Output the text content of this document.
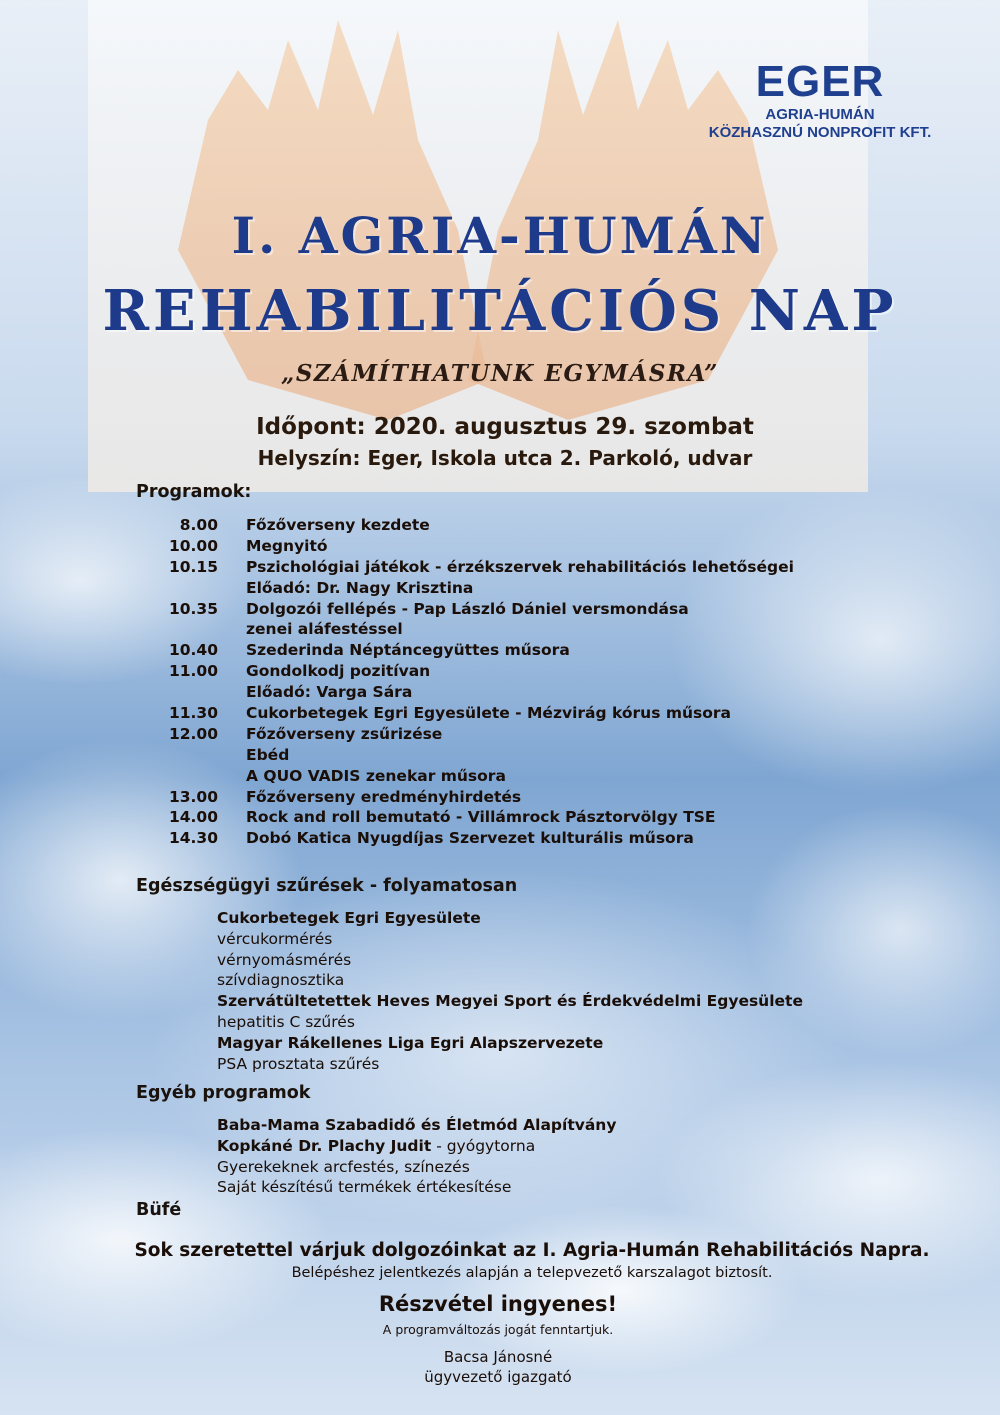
EGER
AGRIA-HUMÁN
KÖZHASZNÚ NONPROFIT KFT.
I. AGRIA-HUMÁN
REHABILITÁCIÓS NAP
„SZÁMÍTHATUNK EGYMÁSRA”
Időpont: 2020. augusztus 29. szombat
Helyszín: Eger, Iskola utca 2. Parkoló, udvar
Programok:
8.00 Főzőverseny kezdete
10.00 Megnyitó
10.15 Pszichológiai játékok - érzékszervek rehabilitációs lehetőségei
Előadó: Dr. Nagy Krisztina
10.35 Dolgozói fellépés - Pap László Dániel versmondása
zenei aláfestéssel
10.40 Szederinda Néptáncegyüttes műsora
11.00 Gondolkodj pozitívan
Előadó: Varga Sára
11.30 Cukorbetegek Egri Egyesülete - Mézvirág kórus műsora
12.00 Főzőverseny zsűrizése
Ebéd
A QUO VADIS zenekar műsora
13.00 Főzőverseny eredményhirdetés
14.00 Rock and roll bemutató - Villámrock Pásztorvölgy TSE
14.30 Dobó Katica Nyugdíjas Szervezet kulturális műsora
Egészségügyi szűrések - folyamatosan
Cukorbetegek Egri Egyesülete
vércukormérés
vérnyomásmérés
szívdiagnosztika
Szervátültetettek Heves Megyei Sport és Érdekvédelmi Egyesülete
hepatitis C szűrés
Magyar Rákellenes Liga Egri Alapszervezete
PSA prosztata szűrés
Egyéb programok
Baba-Mama Szabadidő és Életmód Alapítvány
Kopkáné Dr. Plachy Judit - gyógytorna
Gyerekeknek arcfestés, színezés
Saját készítésű termékek értékesítése
Büfé
Sok szeretettel várjuk dolgozóinkat az I. Agria-Humán Rehabilitációs Napra.
Belépéshez jelentkezés alapján a telepvezető karszalagot biztosít.
Részvétel ingyenes!
A programváltozás jogát fenntartjuk.
Bacsa Jánosné
ügyvezető igazgató
